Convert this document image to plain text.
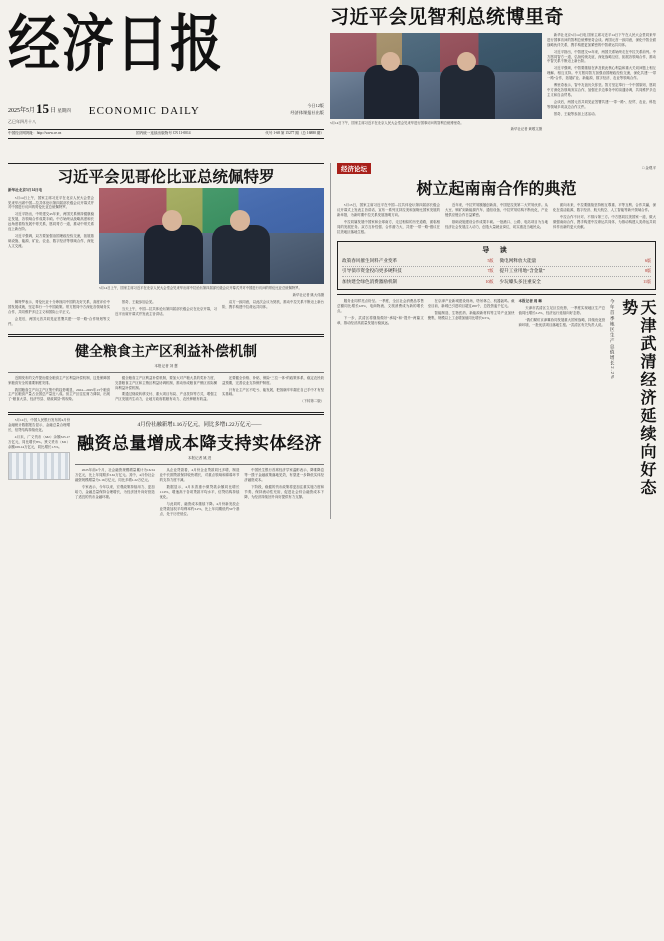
经济日报
2025年5月15日 星期四 ECONOMIC DAILY	今日12版
经济体课报社出版
乙巳年四月十八
中国经济网网址：http://www.ce.cn	国内统一连续出版物号 CN 11-0014	代号 1-68 第 15277 期（总 16880 期）
习近平会见智利总统博里奇
5月14日下午，国家主席习近平在北京人民大会堂会见来华进行国事访问的智利总统博里奇。
新华社记者 黄敬文摄

新华社北京5月14日电 国家主席习近平14日下午在人民大会堂同来华进行国事访问的智利总统博里奇会谈。两国元首一致同意，深化中智全面战略伙伴关系，携手构建更加紧密的中智命运共同体。

习近平指出，中智建交55年来，两国关系始终走在中拉关系前列。中方愿同智方一道，弘扬传统友谊，深化战略互信，拓展各领域合作，推动中智关系不断迈上新台阶。

习近平强调，中智要继续在涉及彼此核心利益和重大关切问题上相互理解、相互支持。中方愿同智方加强治国理政经验交流，深化共建“一带一路”合作，拓展矿业、新能源、数字经济、农业等领域合作。

博里奇表示，智中友谊历久弥坚。智方坚定奉行一个中国原则，愿同中方深化各领域务实合作，加强在多边事务中的沟通协调，共同维护多边主义和自由贸易。

会谈后，两国元首共同见证签署共建“一带一路”、经贸、农业、科技等领域多项双边合作文件。

蔡奇、王毅等参加上述活动。

习近平会见哥伦比亚总统佩特罗
新华社北京5月14日电

5月14日上午，国家主席习近平在北京人民大会堂会见来华出席中国—拉共体论坛第四届部长级会议开幕式并对中国进行访问的哥伦比亚总统佩特罗。

习近平指出，中哥建交45年来，两国关系保持健康稳定发展，各领域合作成果丰硕。中方始终从战略高度和长远角度看待发展中哥关系，愿同哥方一道，推动中哥关系迈上新台阶。

习近平强调，双方要加强治国理政经验交流，拓展基础设施、能源、矿业、农业、数字经济等领域合作，深化人文交流。

5月14日上午，国家主席习近平在北京人民大会堂会见来华出席中拉论坛第四届部长级会议开幕式并对中国进行访问的哥伦比亚总统佩特罗。
新华社记者 姚大伟摄

佩特罗表示，哥伦比亚十分珍视同中国的友好关系，高度评价中国发展成就，坚定奉行一个中国政策。哥方愿同中方深化各领域务实合作，共同维护多边主义和国际公平正义。

会见后，两国元首共同见证签署共建“一带一路”合作规划等文件。

蔡奇、王毅参加会见。

当天上午，中国—拉共体论坛第四届部长级会议在北京开幕，习近平出席开幕式并发表主旨讲话。

双方一致同意，以此次会议为契机，推动中拉关系不断迈上新台阶，携手构建中拉命运共同体。

健全粮食主产区利益补偿机制
本报记者 刘 慧

近期发布的文件提出健全粮食主产区利益补偿机制，这是保障国家粮食安全的重要制度安排。

我国粮食生产向主产区集中的趋势明显，2024—2025年13个粮食主产区粮食产量占全国总产量近八成。但主产区往往财力薄弱，出现了“粮食大县、经济穷县、财政弱县”的现象。

健全粮食主产区利益补偿机制，要加大对产粮大县的奖补力度，完善粮食主产区和主销区利益协调机制，推动形成粮食产销区省际横向利益补偿机制。

要通过财政转移支付、重大项目布局、产业扶持等方式，增强主产区发展内生动力，让地方政府抓粮有动力、农民种粮有收益。

还要健全价格、补贴、保险“三位一体”的政策体系，稳定农民收益预期，完善农业支持保护制度。

只有让主产区不吃亏、能发展，把饭碗牢牢端在自己手中才有坚实基础。

（下转第二版）

5月14日，中国人民银行发布的4月份金融统计数据报告显示，金融总量合理增长，信贷结构持续优化。

4月末，广义货币（M2）余额325.17万亿元，同比增长8%。狭义货币（M1）余额109.14万亿元，同比增长1.5%。

4月份社融新增1.16万亿元，同比多增1.22万亿元——
融资总量增成本降支持实体经济
本报记者 姚 进

2025年前4个月，社会融资规模增量累计为16.34万亿元，比上年同期多3.61万亿元。其中，4月份社会融资规模增量为1.16万亿元，同比多增1.22万亿元。

专家表示，今年以来，宏观政策持续用力、更加给力，金融总量保持合理增长，为经济回升向好营造了适宜的货币金融环境。

从企业贷款看，4月份企业贷款同比多增，制造业中长期贷款保持较快增长，对重点领域和薄弱环节的支持力度不减。

数据显示，4月末普惠小微贷款余额同比增长11.9%，增速高于各项贷款平均水平，信贷结构持续优化。

与此同时，融资成本继续下降。4月份新发放企业贷款加权平均利率约3.2%，比上年同期低约50个基点，处于历史低位。

中国民生银行首席经济学家温彬表示，降准降息等一揽子金融政策落地见效，有望进一步降低实体经济融资成本。

下阶段，稳健的货币政策将更加注重实施力度和节奏，保持流动性充裕，促进社会综合融资成本下降，为经济持续回升向好提供有力支撑。

经济论坛	□ 金观平
树立起南南合作的典范

5月13日，国家主席习近平在中国—拉共体论坛第四届部长级会议开幕式上发表主旨讲话，宣布一系列支持拉美和加勒比国家发展的新举措，为新时期中拉关系发展指明方向。

中拉同属发展中国家和全球南方，走过相似的历史道路，面临相同的发展任务。双方互补性强、合作潜力大，共建“一带一路”倡议在拉美地区落地生根。

近年来，中拉贸易额屡创新高，中国是拉美第二大贸易伙伴。从大豆、铜矿到新能源汽车、通信设备，中拉贸易结构不断优化，产业链供应链合作日益紧密。

基础设施建设合作成果丰硕。一批港口、公路、电站项目为当地经济社会发展注入动力，创造大量就业岗位，切实惠及当地民众。

面向未来，中拉要继续坚持相互尊重、平等互利、合作共赢，深化在清洁能源、数字经济、航天航空、人工智能等新兴领域合作。

中拉合作不针对、不排斥第三方。中方愿同拉美国家一道，做大做强南南合作，携手构建中拉命运共同体，为推动构建人类命运共同体作出新的更大贡献。

导 读
政策春风催生饲料产业变革	5版
引导债市资金投向更多硬科技	7版
加快建全绿色消费激励机制	10版
微电网释放大能量	6版
提升工业用地“含金量”	8版
少玩噱头多注重安全	11版

服务业同样亮点纷呈。一季度，全区社会消费品零售总额同比增长4.8%，电商物流、文旅消费成为新的增长点。

下一步，武清区将继续做好“承接”和“提升”两篇文章，推动经济高质量发展行稳致远。

在京津产业新城建设现场，塔吊林立、机器轰鸣。截至目前，新城已引进项目超过200个，总投资逾千亿元。

智能制造、生物医药、新能源新材料等主导产业加快聚集，规模以上工业增加值同比增长6.5%。

本报记者 周 琳

天津市武清区立足区位优势，一季度实现地区生产总值同比增长2.2%，经济运行延续向好态势。

“我们紧盯京津冀协同发展重大国家战略，持续优化营商环境，一批优质项目落地生根。”武清区有关负责人说。 今年首季地区生产总值增长2.2%	天津武清经济延续向好态势
